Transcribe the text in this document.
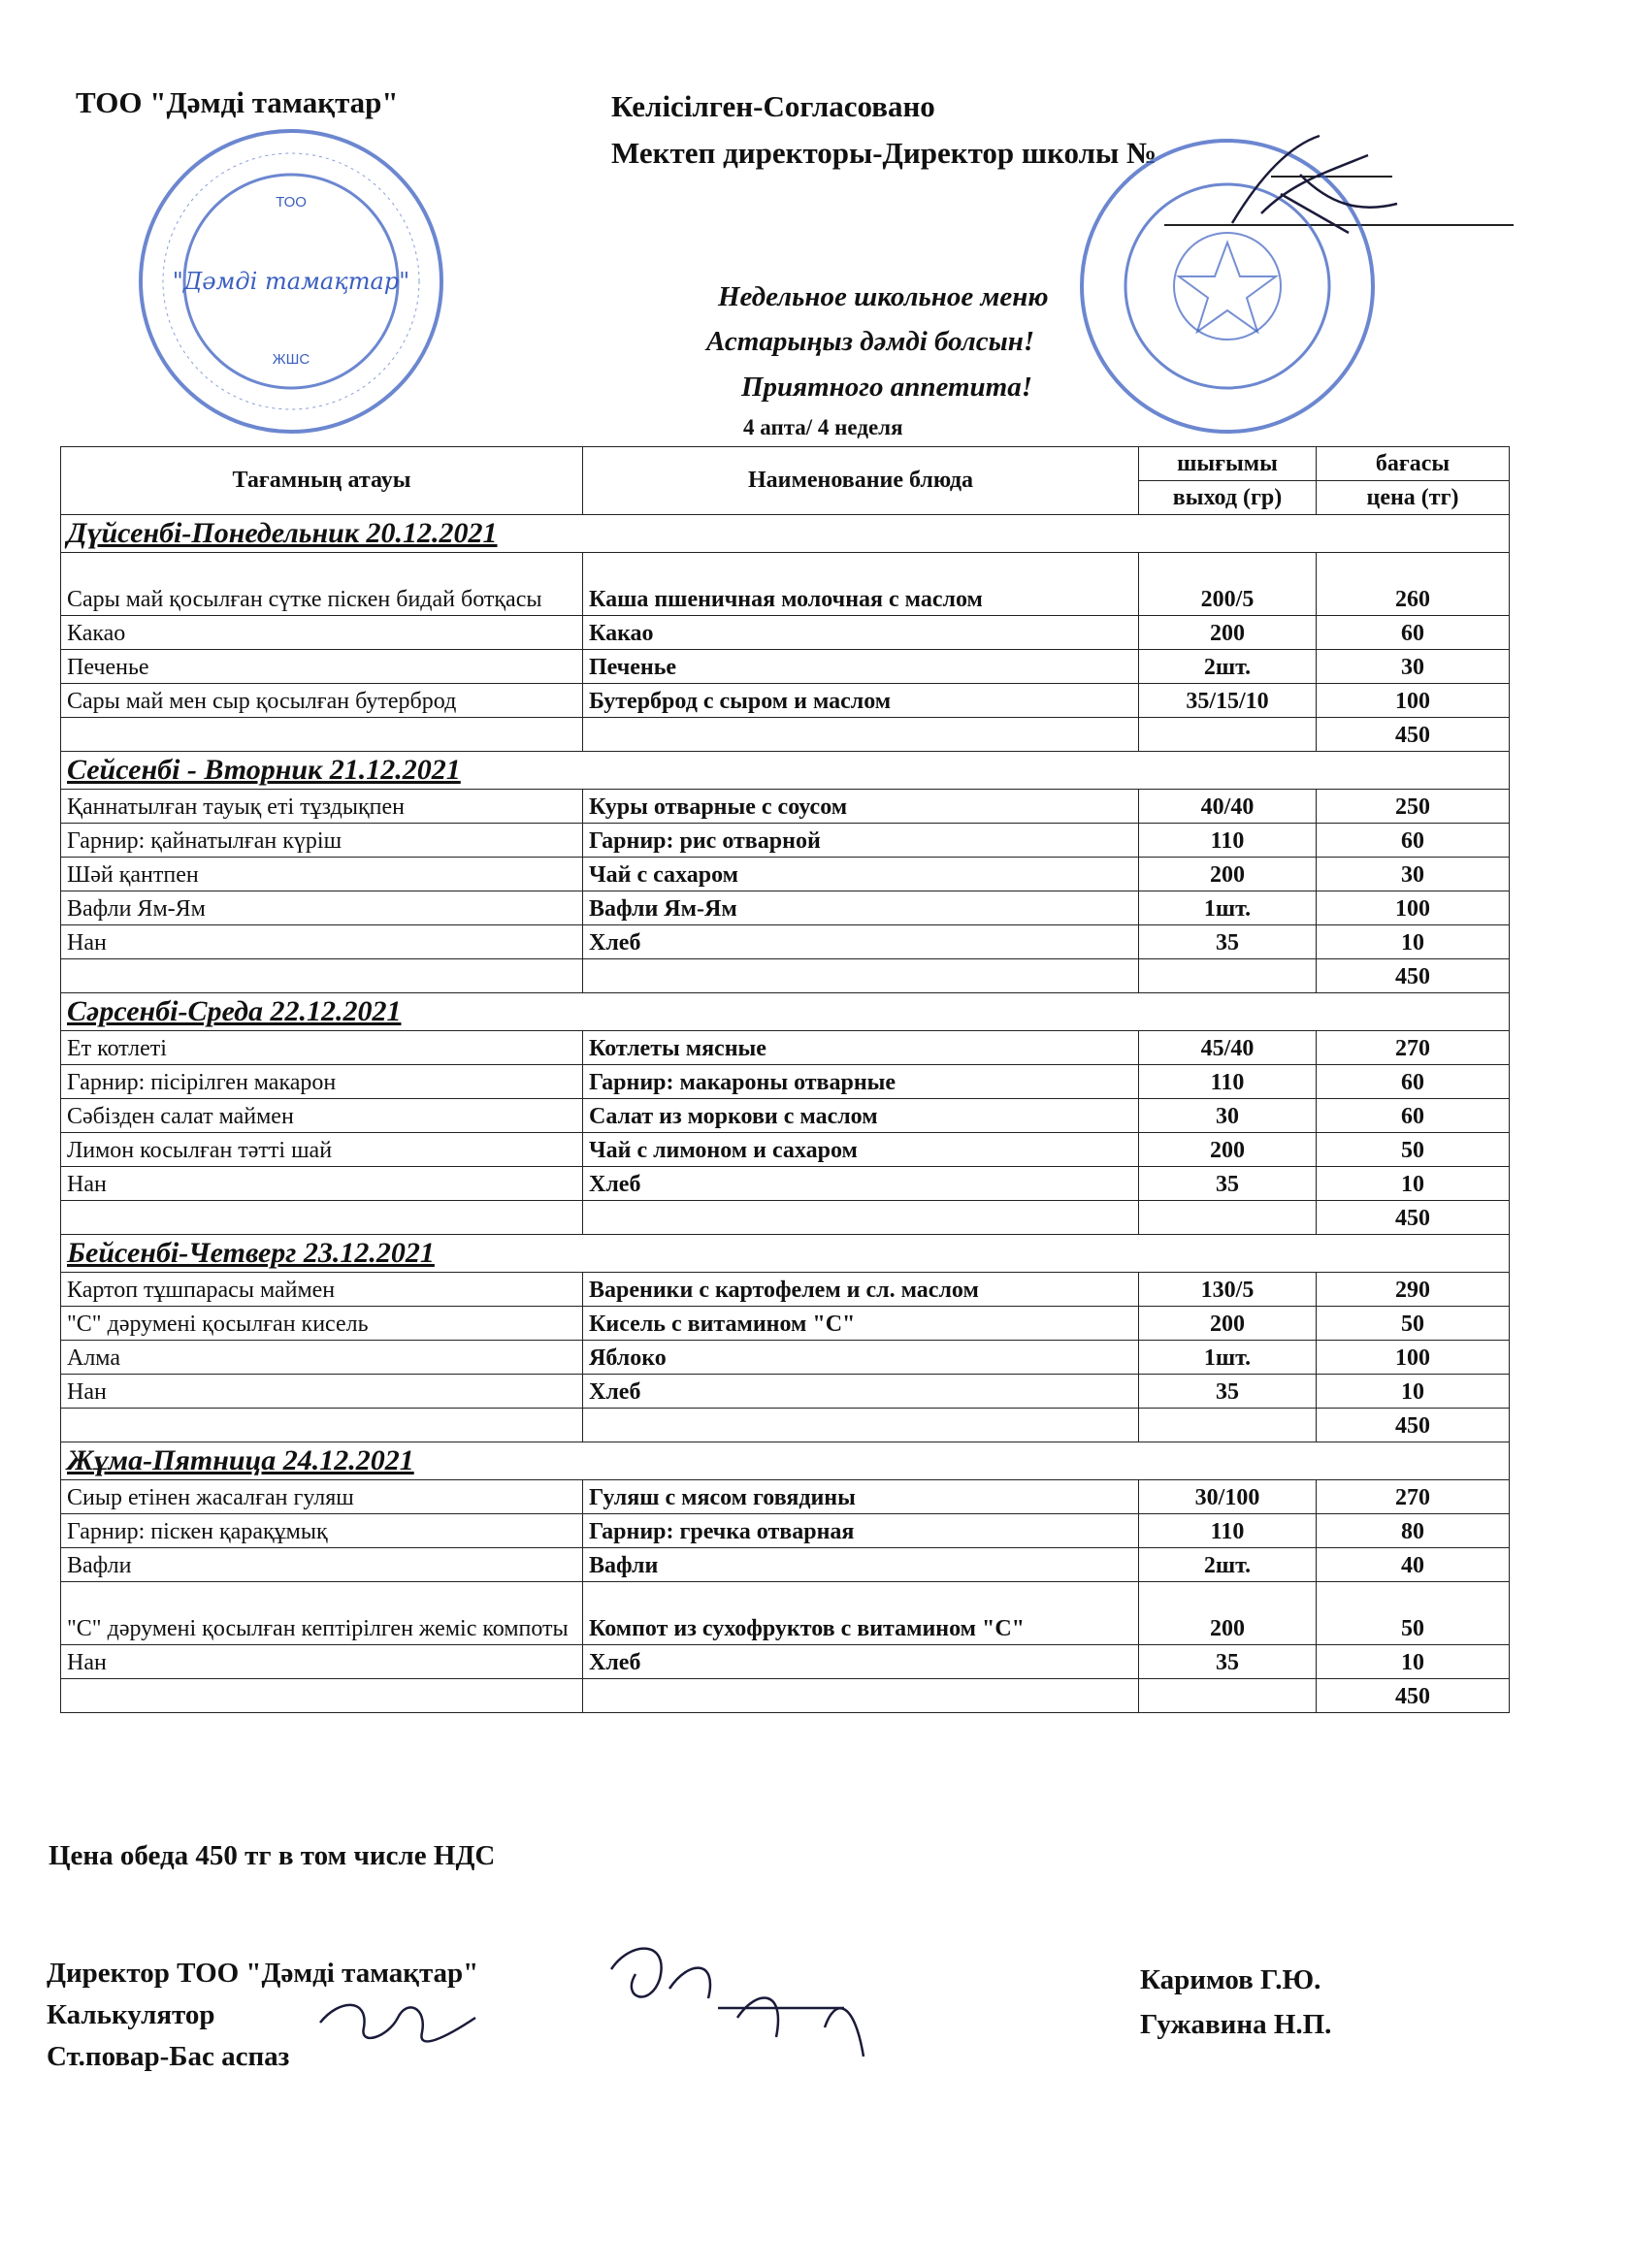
ТОО "Дәмді тамақтар"	Келісілген-Согласовано
Мектеп директоры-Директор школы №
ТОО
"Дәмді тамақтар"
ЖШС
Недельное школьное меню
Астарыңыз дәмді болсын!
Приятного аппетита!
4 апта/ 4 неделя
Тағамның атауы	Наименование блюда	шығымы	бағасы
		выход (гр)	цена (тг)
Дүйсенбі-Понедельник 20.12.2021			
Сары май қосылған сүтке піскен бидай ботқасы	Каша пшеничная молочная с маслом	200/5	260
Какао	Какао	200	60
Печенье	Печенье	2шт.	30
Сары май мен сыр қосылған бутерброд	Бутерброд с сыром и маслом	35/15/10	100
			450
Сейсенбі - Вторник 21.12.2021			
Қаннатылған тауық еті тұздықпен	Куры отварные с соусом	40/40	250
Гарнир: қайнатылған күріш	Гарнир: рис отварной	110	60
Шәй қантпен	Чай с сахаром	200	30
Вафли Ям-Ям	Вафли Ям-Ям	1шт.	100
Нан	Хлеб	35	10
			450
Сәрсенбі-Среда 22.12.2021			
Ет котлеті	Котлеты мясные	45/40	270
Гарнир: пісірілген макарон	Гарнир: макароны отварные	110	60
Сәбізден салат маймен	Салат из моркови с маслом	30	60
Лимон косылған тәтті шай	Чай с лимоном и сахаром	200	50
Нан	Хлеб	35	10
			450
Бейсенбі-Четверг 23.12.2021			
Картоп тұшпарасы маймен	Вареники с картофелем и сл. маслом	130/5	290
"С" дәрумені қосылған кисель	Кисель с витамином "С"	200	50
Алма	Яблоко	1шт.	100
Нан	Хлеб	35	10
			450
Жұма-Пятница 24.12.2021			
Сиыр етінен жасалған гуляш	Гуляш с мясом говядины	30/100	270
Гарнир: піскен қарақұмық	Гарнир: гречка отварная	110	80
Вафли	Вафли	2шт.	40
"С" дәрумені қосылған кептірілген жеміс компоты	Компот из сухофруктов с витамином "С"	200	50
Нан	Хлеб	35	10
			450
Цена обеда 450 тг в том числе НДС
Директор ТОО "Дәмді тамақтар"
Калькулятор
Ст.повар-Бас аспаз
Каримов Г.Ю.
Гужавина Н.П.
